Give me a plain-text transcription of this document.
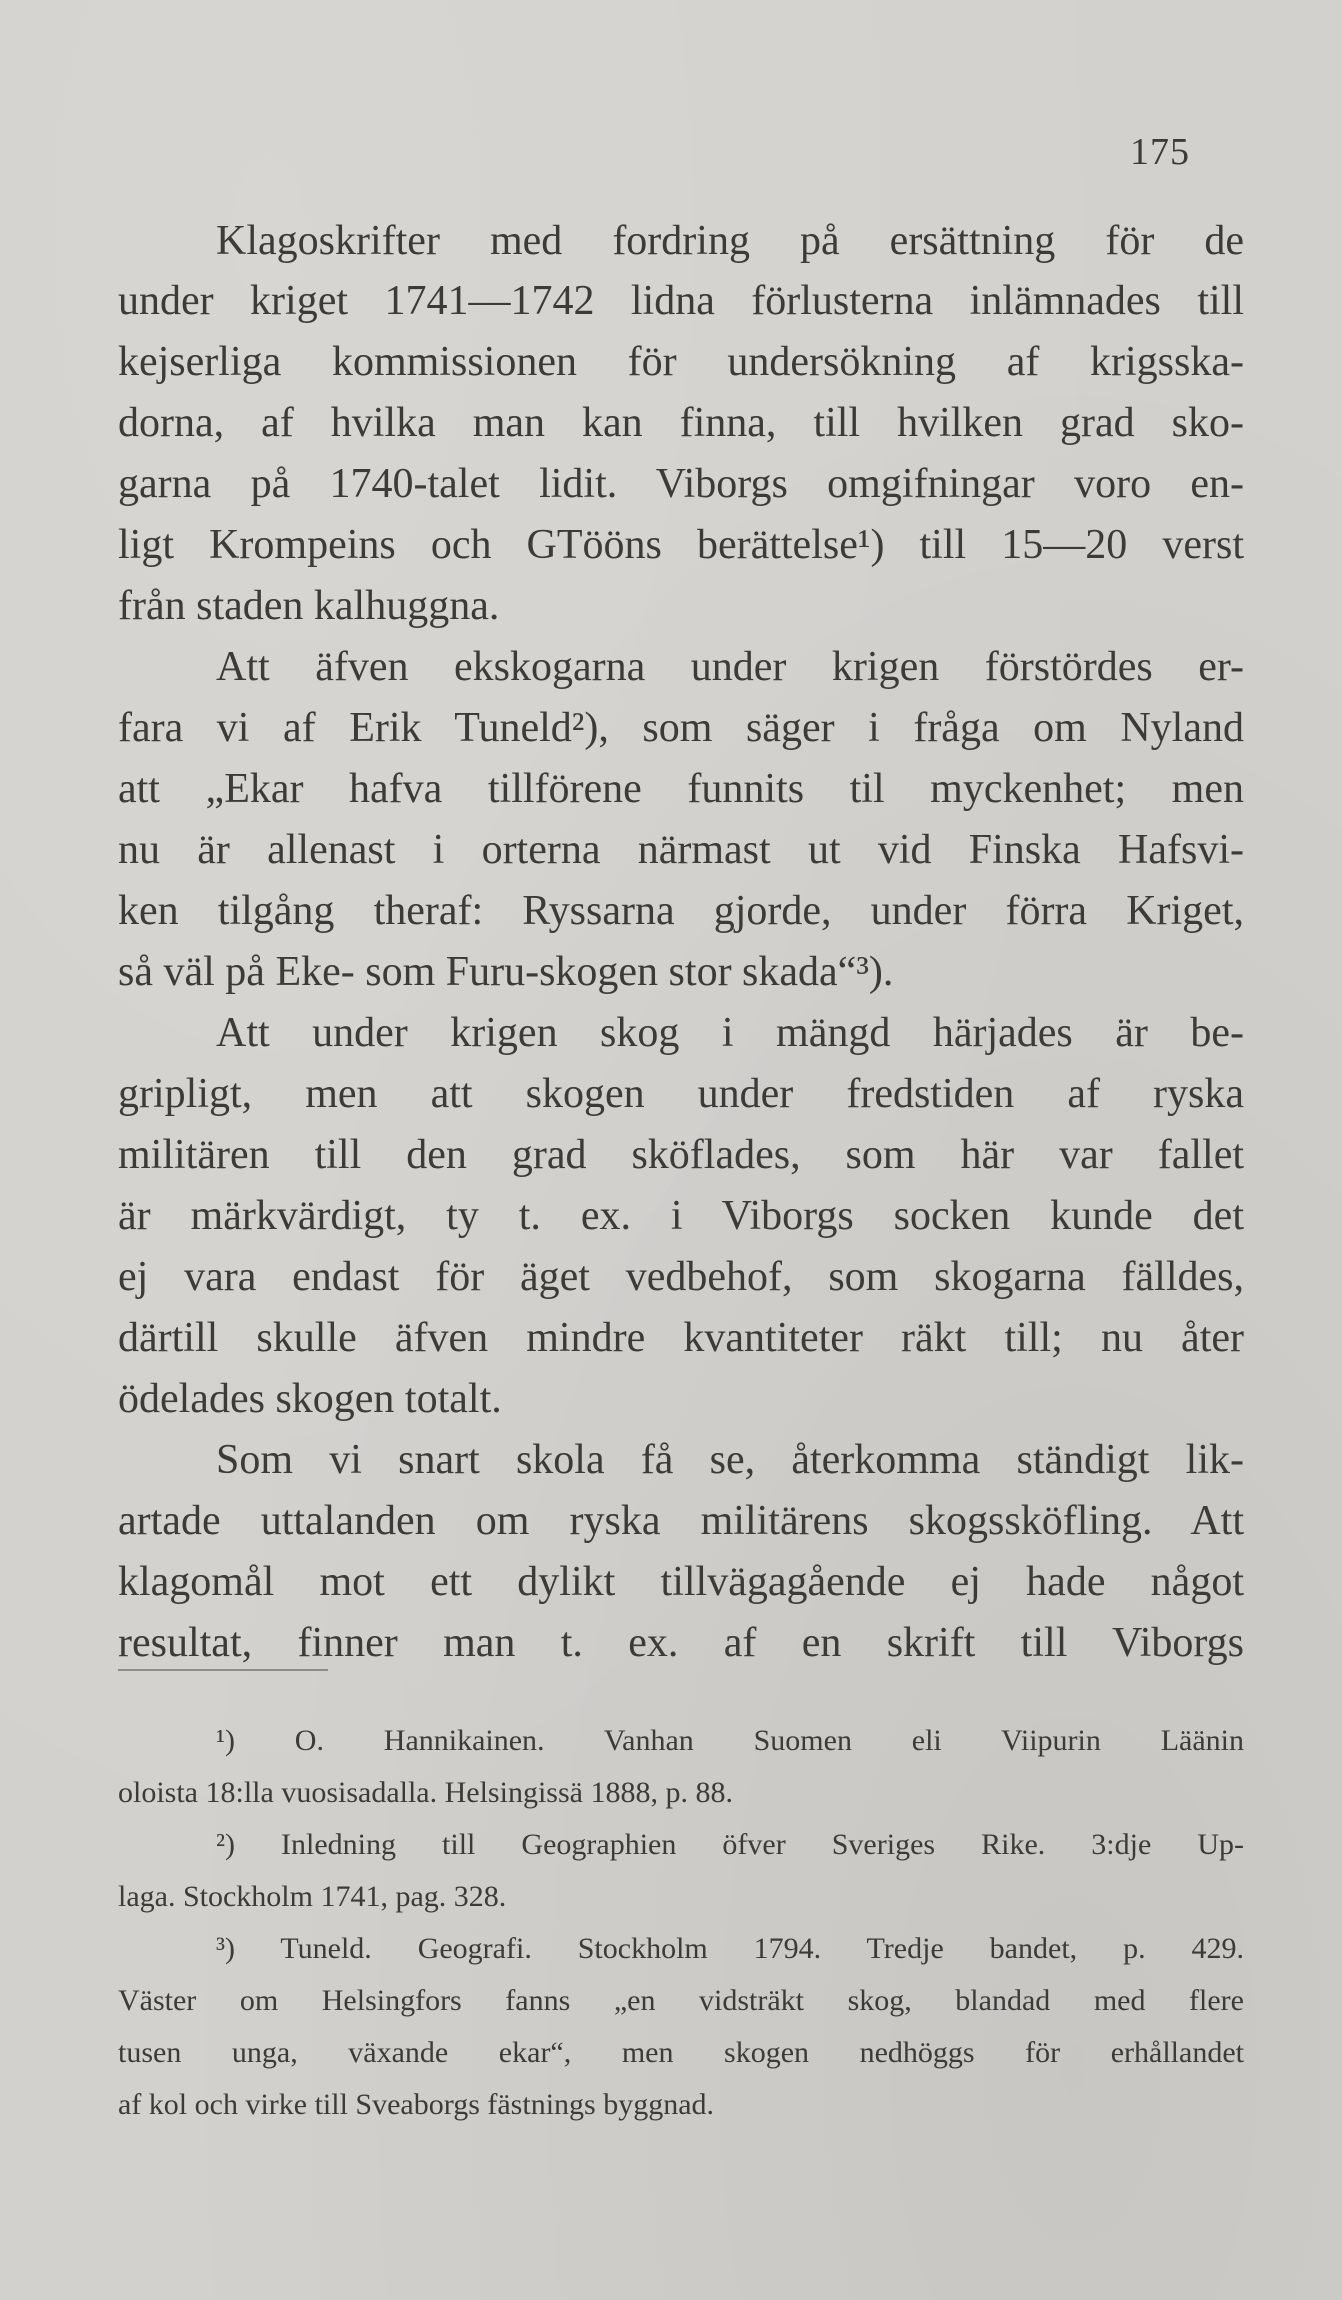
175
Klagoskrifter med fordring på ersättning för de
under kriget 1741—1742 lidna förlusterna inlämnades till
kejserliga kommissionen för undersökning af krigsska-
dorna, af hvilka man kan finna, till hvilken grad sko-
garna på 1740-talet lidit. Viborgs omgifningar voro en-
ligt Krompeins och GTööns berättelse¹) till 15—20 verst
från staden kalhuggna.
Att äfven ekskogarna under krigen förstördes er-
fara vi af Erik Tuneld²), som säger i fråga om Nyland
att „Ekar hafva tillförene funnits til myckenhet; men
nu är allenast i orterna närmast ut vid Finska Hafsvi-
ken tilgång theraf: Ryssarna gjorde, under förra Kriget,
så väl på Eke- som Furu-skogen stor skada“³).
Att under krigen skog i mängd härjades är be-
gripligt, men att skogen under fredstiden af ryska
militären till den grad sköflades, som här var fallet
är märkvärdigt, ty t. ex. i Viborgs socken kunde det
ej vara endast för äget vedbehof, som skogarna fälldes,
därtill skulle äfven mindre kvantiteter räkt till; nu åter
ödelades skogen totalt.
Som vi snart skola få se, återkomma ständigt lik-
artade uttalanden om ryska militärens skogssköfling. Att
klagomål mot ett dylikt tillvägagående ej hade något
resultat, finner man t. ex. af en skrift till Viborgs
¹) O. Hannikainen. Vanhan Suomen eli Viipurin Läänin
oloista 18:lla vuosisadalla. Helsingissä 1888, p. 88.
²) Inledning till Geographien öfver Sveriges Rike. 3:dje Up-
laga. Stockholm 1741, pag. 328.
³) Tuneld. Geografi. Stockholm 1794. Tredje bandet, p. 429.
Väster om Helsingfors fanns „en vidsträkt skog, blandad med flere
tusen unga, växande ekar“, men skogen nedhöggs för erhållandet
af kol och virke till Sveaborgs fästnings byggnad.
